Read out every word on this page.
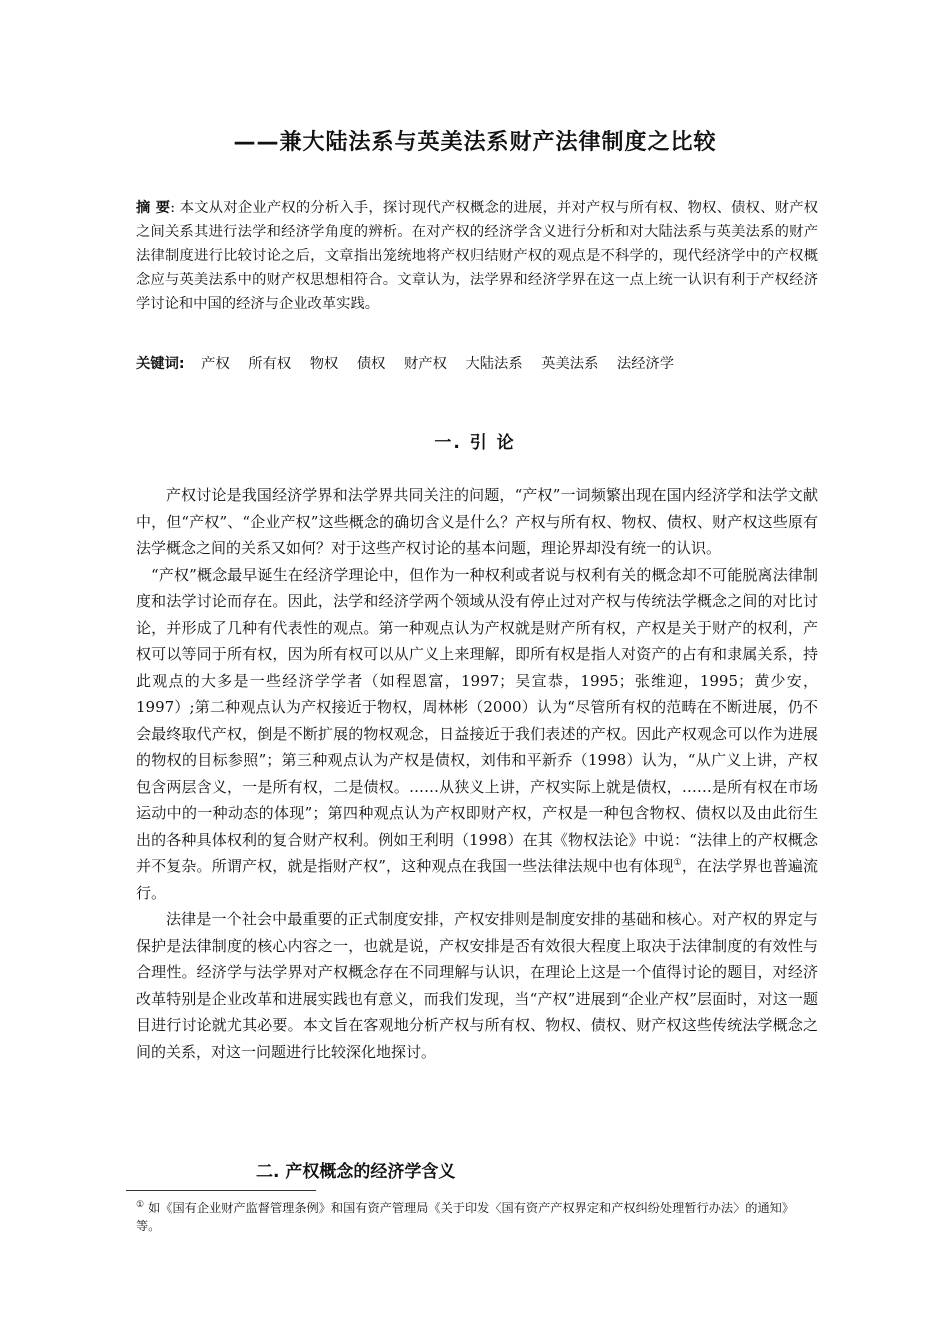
——兼大陆法系与英美法系财产法律制度之比较
摘 要: 本文从对企业产权的分析入手，探讨现代产权概念的进展，并对产权与所有权、物权、债权、财产权之间关系其进行法学和经济学角度的辨析。在对产权的经济学含义进行分析和对大陆法系与英美法系的财产法律制度进行比较讨论之后，文章指出笼统地将产权归结财产权的观点是不科学的，现代经济学中的产权概念应与英美法系中的财产权思想相符合。文章认为，法学界和经济学界在这一点上统一认识有利于产权经济学讨论和中国的经济与企业改革实践。
关键词: 产权 所有权 物权 债权 财产权 大陆法系 英美法系 法经济学
一. 引 论

产权讨论是我国经济学界和法学界共同关注的问题，“产权”一词频繁出现在国内经济学和法学文献中，但“产权”、“企业产权”这些概念的确切含义是什么？产权与所有权、物权、债权、财产权这些原有法学概念之间的关系又如何？对于这些产权讨论的基本问题，理论界却没有统一的认识。

“产权”概念最早诞生在经济学理论中，但作为一种权利或者说与权利有关的概念却不可能脱离法律制度和法学讨论而存在。因此，法学和经济学两个领域从没有停止过对产权与传统法学概念之间的对比讨论，并形成了几种有代表性的观点。第一种观点认为产权就是财产所有权，产权是关于财产的权利，产权可以等同于所有权，因为所有权可以从广义上来理解，即所有权是指人对资产的占有和隶属关系，持此观点的大多是一些经济学学者（如程恩富，1997；吴宣恭，1995；张维迎，1995；黄少安，1997）;第二种观点认为产权接近于物权，周林彬（2000）认为“尽管所有权的范畴在不断进展，仍不会最终取代产权，倒是不断扩展的物权观念，日益接近于我们表述的产权。因此产权观念可以作为进展的物权的目标参照”；第三种观点认为产权是债权，刘伟和平新乔（1998）认为，“从广义上讲，产权包含两层含义，一是所有权，二是债权。……从狭义上讲，产权实际上就是债权，……是所有权在市场运动中的一种动态的体现”；第四种观点认为产权即财产权，产权是一种包含物权、债权以及由此衍生出的各种具体权利的复合财产权利。例如王利明（1998）在其《物权法论》中说：“法律上的产权概念并不复杂。所谓产权，就是指财产权”，这种观点在我国一些法律法规中也有体现①，在法学界也普遍流行。

法律是一个社会中最重要的正式制度安排，产权安排则是制度安排的基础和核心。对产权的界定与保护是法律制度的核心内容之一，也就是说，产权安排是否有效很大程度上取决于法律制度的有效性与合理性。经济学与法学界对产权概念存在不同理解与认识，在理论上这是一个值得讨论的题目，对经济改革特别是企业改革和进展实践也有意义，而我们发现，当“产权”进展到“企业产权”层面时，对这一题目进行讨论就尤其必要。本文旨在客观地分析产权与所有权、物权、债权、财产权这些传统法学概念之间的关系，对这一问题进行比较深化地探讨。

二. 产权概念的经济学含义
① 如《国有企业财产监督管理条例》和国有资产管理局《关于印发〈国有资产产权界定和产权纠纷处理暂行办法〉的通知》等。
